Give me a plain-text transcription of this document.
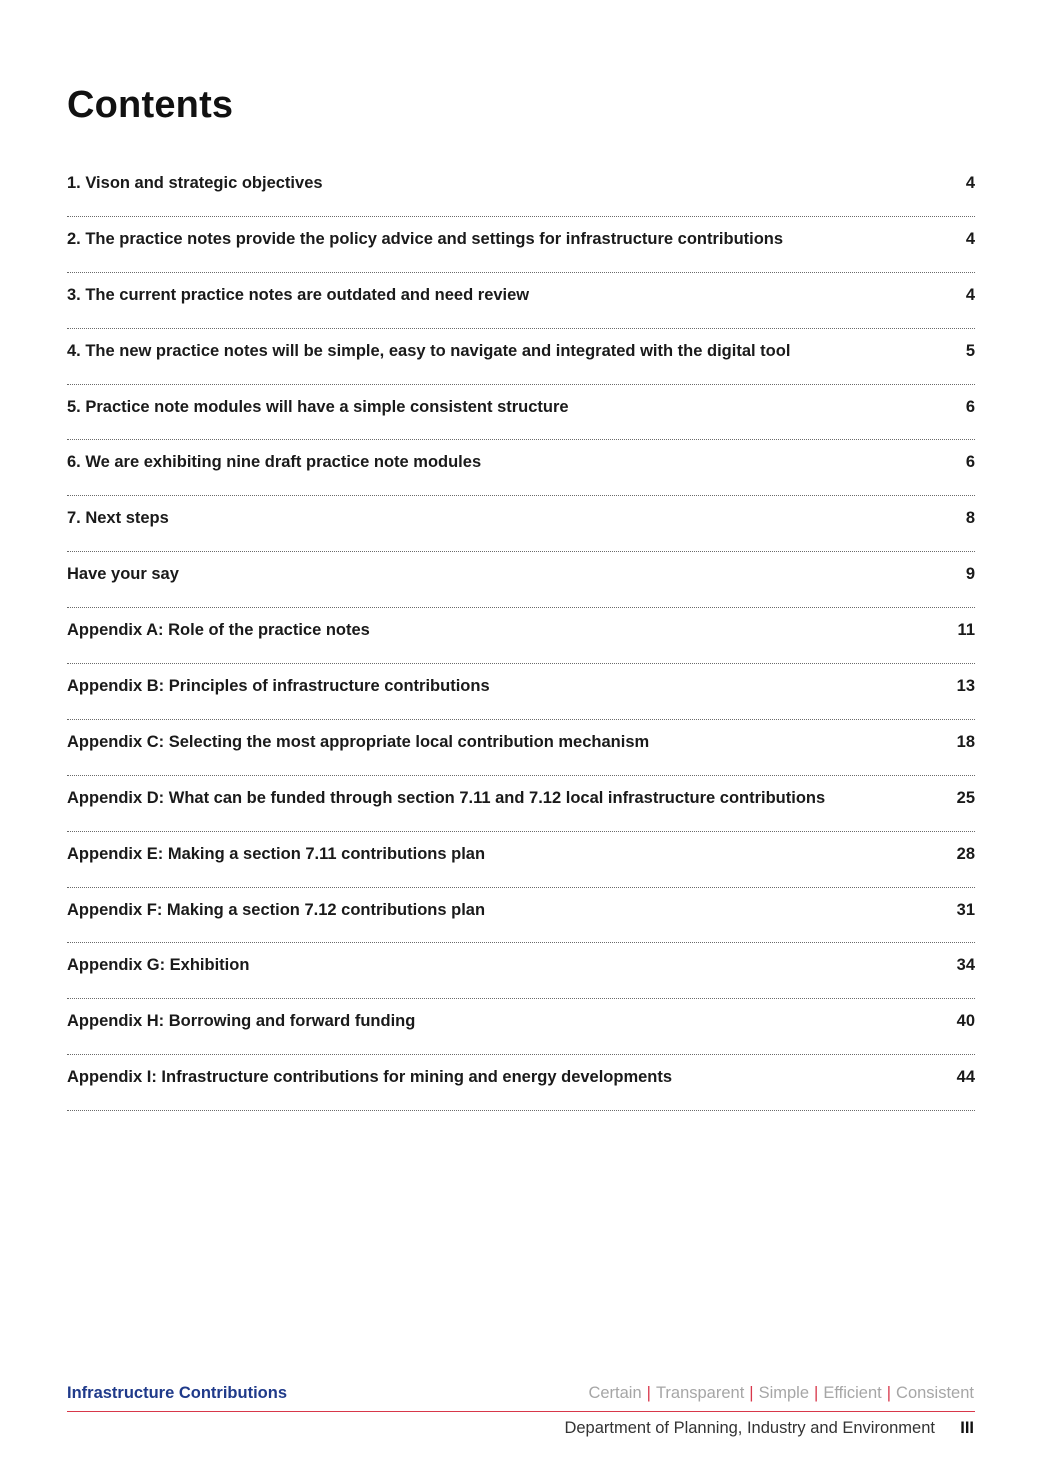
Contents
1. Vison and strategic objectives	4
2. The practice notes provide the policy advice and settings for infrastructure contributions	4
3. The current practice notes are outdated and need review	4
4. The new practice notes will be simple, easy to navigate and integrated with the digital tool	5
5. Practice note modules will have a simple consistent structure	6
6. We are exhibiting nine draft practice note modules	6
7. Next steps	8
Have your say	9
Appendix A: Role of the practice notes	11
Appendix B: Principles of infrastructure contributions	13
Appendix C: Selecting the most appropriate local contribution mechanism	18
Appendix D: What can be funded through section 7.11 and 7.12 local infrastructure contributions	25
Appendix E: Making a section 7.11 contributions plan	28
Appendix F: Making a section 7.12 contributions plan	31
Appendix G: Exhibition	34
Appendix H: Borrowing and forward funding	40
Appendix I: Infrastructure contributions for mining and energy developments	44
Infrastructure Contributions	Certain | Transparent | Simple | Efficient | Consistent
Department of Planning, Industry and Environment III
